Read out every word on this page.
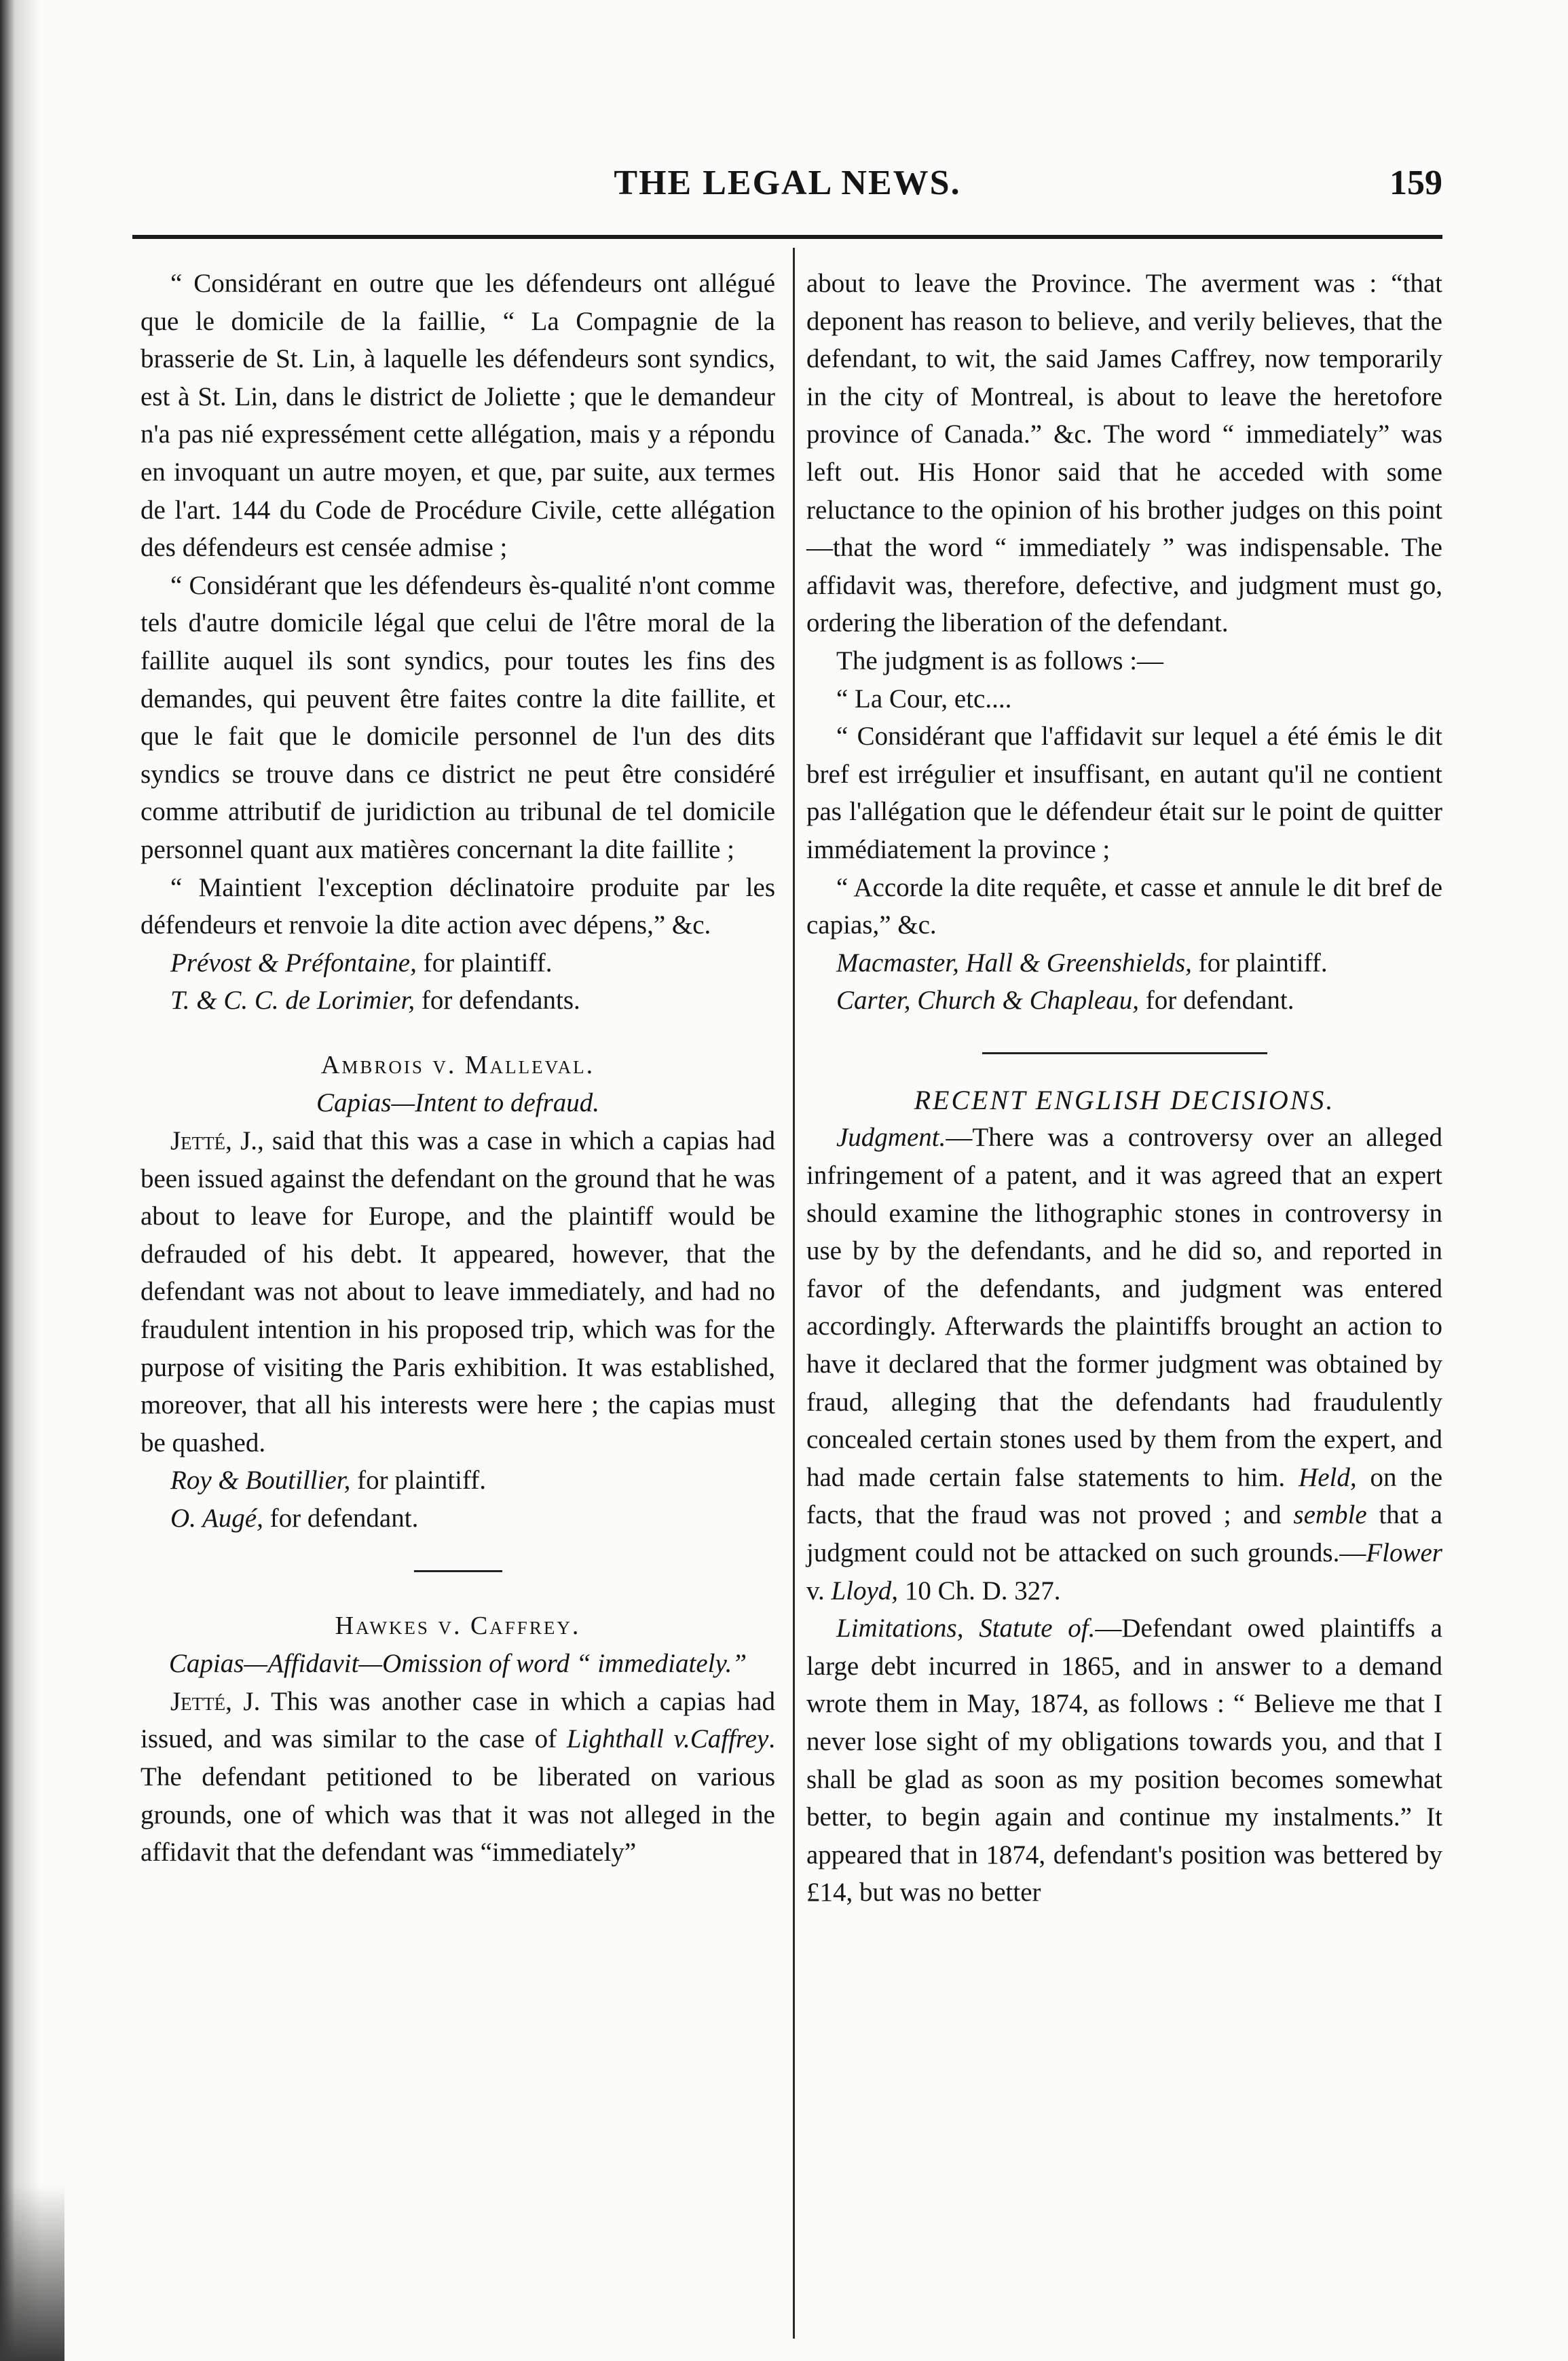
THE LEGAL NEWS.	159

“ Considérant en outre que les défendeurs ont allégué que le domicile de la faillie, “ La Compagnie de la brasserie de St. Lin, à laquelle les défendeurs sont syndics, est à St. Lin, dans le district de Joliette ; que le demandeur n'a pas nié expressément cette allégation, mais y a répondu en invoquant un autre moyen, et que, par suite, aux termes de l'art. 144 du Code de Procédure Civile, cette allégation des défendeurs est censée admise ;

“ Considérant que les défendeurs ès-qualité n'ont comme tels d'autre domicile légal que celui de l'être moral de la faillite auquel ils sont syndics, pour toutes les fins des demandes, qui peuvent être faites contre la dite faillite, et que le fait que le domicile personnel de l'un des dits syndics se trouve dans ce district ne peut être considéré comme attributif de juridiction au tribunal de tel domicile personnel quant aux matières concernant la dite faillite ;

“ Maintient l'exception déclinatoire produite par les défendeurs et renvoie la dite action avec dépens,” &c.

Prévost & Préfontaine, for plaintiff.

T. & C. C. de Lorimier, for defendants.

Ambrois v. Malleval.

Capias—Intent to defraud.

Jetté, J., said that this was a case in which a capias had been issued against the defendant on the ground that he was about to leave for Europe, and the plaintiff would be defrauded of his debt. It appeared, however, that the defendant was not about to leave immediately, and had no fraudulent intention in his proposed trip, which was for the purpose of visiting the Paris exhibition. It was established, moreover, that all his interests were here ; the capias must be quashed.

Roy & Boutillier, for plaintiff.

O. Augé, for defendant.

Hawkes v. Caffrey.

Capias—Affidavit—Omission of word “ immediately.”

Jetté, J. This was another case in which a capias had issued, and was similar to the case of Lighthall v.Caffrey. The defendant petitioned to be liberated on various grounds, one of which was that it was not alleged in the affidavit that the defendant was “immediately”

about to leave the Province. The averment was : “that deponent has reason to believe, and verily believes, that the defendant, to wit, the said James Caffrey, now temporarily in the city of Montreal, is about to leave the heretofore province of Canada.” &c. The word “ immediately” was left out. His Honor said that he acceded with some reluctance to the opinion of his brother judges on this point—that the word “ immediately ” was indispensable. The affidavit was, therefore, defective, and judgment must go, ordering the liberation of the defendant.

The judgment is as follows :—

“ La Cour, etc....

“ Considérant que l'affidavit sur lequel a été émis le dit bref est irrégulier et insuffisant, en autant qu'il ne contient pas l'allégation que le défendeur était sur le point de quitter immédiatement la province ;

“ Accorde la dite requête, et casse et annule le dit bref de capias,” &c.

Macmaster, Hall & Greenshields, for plaintiff.

Carter, Church & Chapleau, for defendant.

RECENT ENGLISH DECISIONS.

Judgment.—There was a controversy over an alleged infringement of a patent, and it was agreed that an expert should examine the lithographic stones in controversy in use by by the defendants, and he did so, and reported in favor of the defendants, and judgment was entered accordingly. Afterwards the plaintiffs brought an action to have it declared that the former judgment was obtained by fraud, alleging that the defendants had fraudulently concealed certain stones used by them from the expert, and had made certain false statements to him. Held, on the facts, that the fraud was not proved ; and semble that a judgment could not be attacked on such grounds.—Flower v. Lloyd, 10 Ch. D. 327.

Limitations, Statute of.—Defendant owed plaintiffs a large debt incurred in 1865, and in answer to a demand wrote them in May, 1874, as follows : “ Believe me that I never lose sight of my obligations towards you, and that I shall be glad as soon as my position becomes somewhat better, to begin again and continue my instalments.” It appeared that in 1874, defendant's position was bettered by £14, but was no better
